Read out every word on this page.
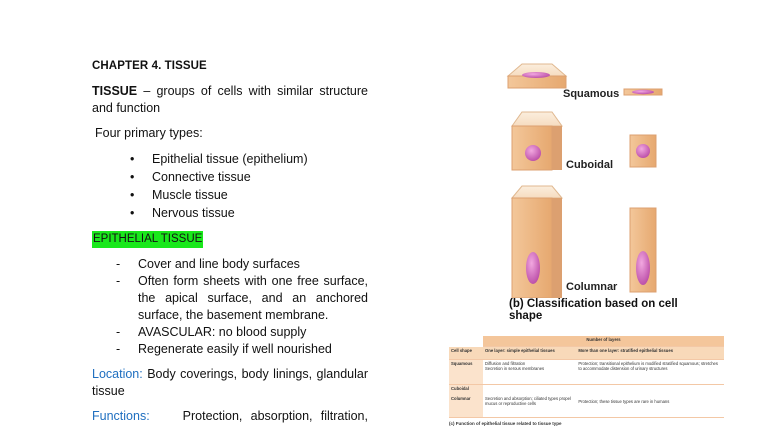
CHAPTER 4. TISSUE
TISSUE – groups of cells with similar structure and function
Four primary types:
• Epithelial tissue (epithelium)
• Connective tissue
• Muscle tissue
• Nervous tissue
EPITHELIAL TISSUE
- Cover and line body surfaces
- Often form sheets with one free surface, the apical surface, and an anchored surface, the basement membrane.
- AVASCULAR: no blood supply
- Regenerate easily if well nourished
Location: Body coverings, body linings, glandular tissue
Functions:	Protection, absorption, filtration,
Squamous
Cuboidal
Columnar
(b) Classification based on cell shape
	Number of layers	
Cell shape	One layer: simple epithelial tissues	More than one layer: stratified epithelial tissues
Squamous	Diffusion and filtration
Secretion in serous membranes	Protection; transitional epithelium is modified stratified squamous; stretches to accommodate distension of urinary structures
Cuboidal

Columnar	Secretion and absorption; ciliated types propel mucus or reproductive cells	Protection; these tissue types are rare in humans
(c) Function of epithelial tissue related to tissue type
